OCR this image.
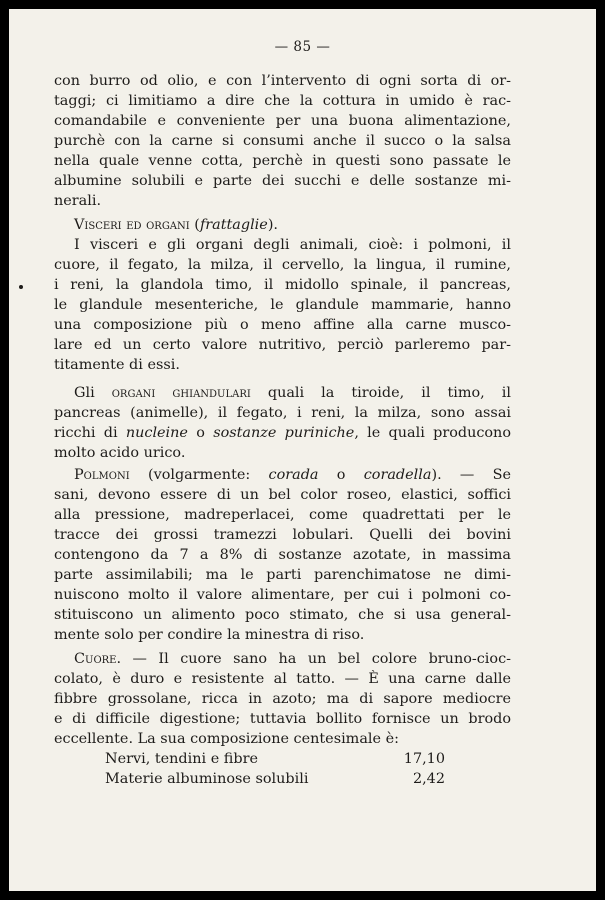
— 85 —
con burro od olio, e con l’intervento di ogni sorta di or-
taggi; ci limitiamo a dire che la cottura in umido è rac-
comandabile e conveniente per una buona alimentazione,
purchè con la carne si consumi anche il succo o la salsa
nella quale venne cotta, perchè in questi sono passate le
albumine solubili e parte dei succhi e delle sostanze mi-
nerali.
Visceri ed organi (frattaglie).
I visceri e gli organi degli animali, cioè: i polmoni, il
cuore, il fegato, la milza, il cervello, la lingua, il rumine,
i reni, la glandola timo, il midollo spinale, il pancreas,
le glandule mesenteriche, le glandule mammarie, hanno
una composizione più o meno affine alla carne musco-
lare ed un certo valore nutritivo, perciò parleremo par-
titamente di essi.
Gli organi ghiandulari quali la tiroide, il timo, il
pancreas (animelle), il fegato, i reni, la milza, sono assai
ricchi di nucleine o sostanze puriniche, le quali producono
molto acido urico.
Polmoni (volgarmente: corada o coradella). — Se
sani, devono essere di un bel color roseo, elastici, soffici
alla pressione, madreperlacei, come quadrettati per le
tracce dei grossi tramezzi lobulari. Quelli dei bovini
contengono da 7 a 8% di sostanze azotate, in massima
parte assimilabili; ma le parti parenchimatose ne dimi-
nuiscono molto il valore alimentare, per cui i polmoni co-
stituiscono un alimento poco stimato, che si usa general-
mente solo per condire la minestra di riso.
Cuore. — Il cuore sano ha un bel colore bruno-cioc-
colato, è duro e resistente al tatto. — È una carne dalle
fibbre grossolane, ricca in azoto; ma di sapore mediocre
e di difficile digestione; tuttavia bollito fornisce un brodo
eccellente. La sua composizione centesimale è:
Nervi, tendini e fibre	17,10
Materie albuminose solubili	2,42
